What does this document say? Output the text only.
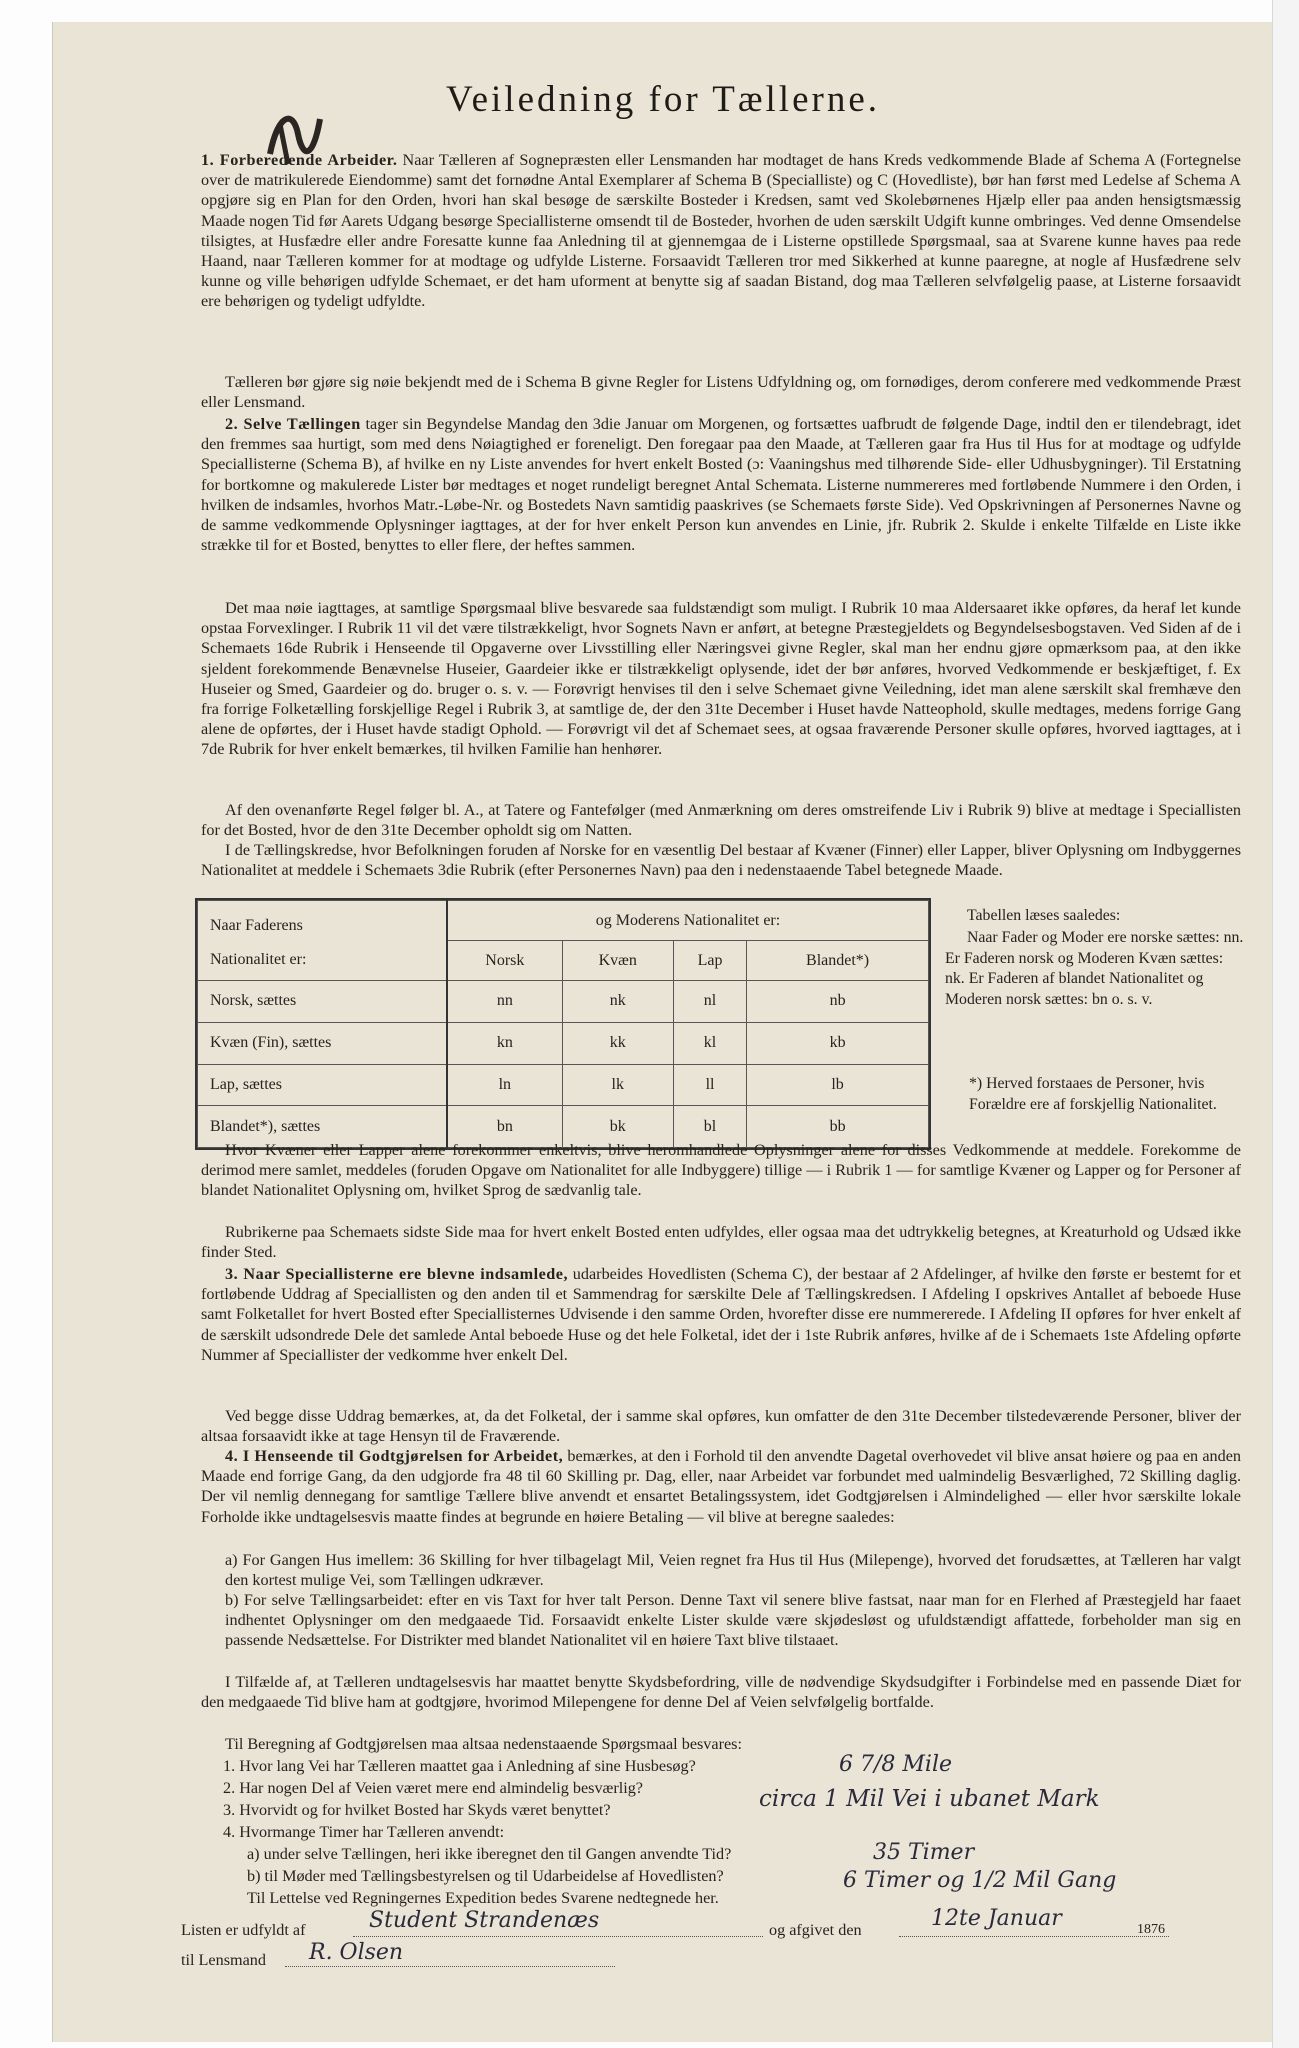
Veiledning for Tællerne.

1. Forberedende Arbeider. Naar Tælleren af Sognepræsten eller Lensmanden har modtaget de hans Kreds vedkommende Blade af Schema A (Fortegnelse over de matrikulerede Eiendomme) samt det fornødne Antal Exemplarer af Schema B (Specialliste) og C (Hovedliste), bør han først med Ledelse af Schema A opgjøre sig en Plan for den Orden, hvori han skal besøge de særskilte Bosteder i Kredsen, samt ved Skolebørnenes Hjælp eller paa anden hensigtsmæssig Maade nogen Tid før Aarets Udgang besørge Speciallisterne omsendt til de Bosteder, hvorhen de uden særskilt Udgift kunne ombringes. Ved denne Omsendelse tilsigtes, at Husfædre eller andre Foresatte kunne faa Anledning til at gjennemgaa de i Listerne opstillede Spørgsmaal, saa at Svarene kunne haves paa rede Haand, naar Tælleren kommer for at modtage og udfylde Listerne. Forsaavidt Tælleren tror med Sikkerhed at kunne paaregne, at nogle af Husfædrene selv kunne og ville behørigen udfylde Schemaet, er det ham uforment at benytte sig af saadan Bistand, dog maa Tælleren selvfølgelig paase, at Listerne forsaavidt ere behørigen og tydeligt udfyldte.

Tælleren bør gjøre sig nøie bekjendt med de i Schema B givne Regler for Listens Udfyldning og, om fornødiges, derom conferere med vedkommende Præst eller Lensmand.

2. Selve Tællingen tager sin Begyndelse Mandag den 3die Januar om Morgenen, og fortsættes uafbrudt de følgende Dage, indtil den er tilendebragt, idet den fremmes saa hurtigt, som med dens Nøiagtighed er foreneligt. Den foregaar paa den Maade, at Tælleren gaar fra Hus til Hus for at modtage og udfylde Speciallisterne (Schema B), af hvilke en ny Liste anvendes for hvert enkelt Bosted (ɔ: Vaaningshus med tilhørende Side- eller Udhusbygninger). Til Erstatning for bortkomne og makulerede Lister bør medtages et noget rundeligt beregnet Antal Schemata. Listerne nummereres med fortløbende Nummere i den Orden, i hvilken de indsamles, hvorhos Matr.-Løbe-Nr. og Bostedets Navn samtidig paaskrives (se Schemaets første Side). Ved Opskrivningen af Personernes Navne og de samme vedkommende Oplysninger iagttages, at der for hver enkelt Person kun anvendes en Linie, jfr. Rubrik 2. Skulde i enkelte Tilfælde en Liste ikke strække til for et Bosted, benyttes to eller flere, der heftes sammen.

Det maa nøie iagttages, at samtlige Spørgsmaal blive besvarede saa fuldstændigt som muligt. I Rubrik 10 maa Aldersaaret ikke opføres, da heraf let kunde opstaa Forvexlinger. I Rubrik 11 vil det være tilstrækkeligt, hvor Sognets Navn er anført, at betegne Præstegjeldets og Begyndelsesbogstaven. Ved Siden af de i Schemaets 16de Rubrik i Henseende til Opgaverne over Livsstilling eller Næringsvei givne Regler, skal man her endnu gjøre opmærksom paa, at den ikke sjeldent forekommende Benævnelse Huseier, Gaardeier ikke er tilstrækkeligt oplysende, idet der bør anføres, hvorved Vedkommende er beskjæftiget, f. Ex Huseier og Smed, Gaardeier og do. bruger o. s. v. — Forøvrigt henvises til den i selve Schemaet givne Veiledning, idet man alene særskilt skal fremhæve den fra forrige Folketælling forskjellige Regel i Rubrik 3, at samtlige de, der den 31te December i Huset havde Natteophold, skulle medtages, medens forrige Gang alene de opførtes, der i Huset havde stadigt Ophold. — Forøvrigt vil det af Schemaet sees, at ogsaa fraværende Personer skulle opføres, hvorved iagttages, at i 7de Rubrik for hver enkelt bemærkes, til hvilken Familie han henhører.

Af den ovenanførte Regel følger bl. A., at Tatere og Fantefølger (med Anmærkning om deres omstreifende Liv i Rubrik 9) blive at medtage i Speciallisten for det Bosted, hvor de den 31te December opholdt sig om Natten.

I de Tællingskredse, hvor Befolkningen foruden af Norske for en væsentlig Del bestaar af Kvæner (Finner) eller Lapper, bliver Oplysning om Indbyggernes Nationalitet at meddele i Schemaets 3die Rubrik (efter Personernes Navn) paa den i nedenstaaende Tabel betegnede Maade.

Naar Faderens
Nationalitet er:	og Moderens Nationalitet er:			
	Norsk	Kvæn	Lap	Blandet*)
Norsk, sættes	nn	nk	nl	nb
Kvæn (Fin), sættes	kn	kk	kl	kb
Lap, sættes	ln	lk	ll	lb
Blandet*), sættes	bn	bk	bl	bb

Tabellen læses saaledes:

Naar Fader og Moder ere norske sættes: nn. Er Faderen norsk og Moderen Kvæn sættes: nk. Er Faderen af blandet Nationalitet og Moderen norsk sættes: bn o. s. v.

*) Herved forstaaes de Personer, hvis Forældre ere af forskjellig Nationalitet.

Hvor Kvæner eller Lapper alene forekommer enkeltvis, blive heromhandlede Oplysninger alene for disses Vedkommende at meddele. Forekomme de derimod mere samlet, meddeles (foruden Opgave om Nationalitet for alle Indbyggere) tillige — i Rubrik 1 — for samtlige Kvæner og Lapper og for Personer af blandet Nationalitet Oplysning om, hvilket Sprog de sædvanlig tale.

Rubrikerne paa Schemaets sidste Side maa for hvert enkelt Bosted enten udfyldes, eller ogsaa maa det udtrykkelig betegnes, at Kreaturhold og Udsæd ikke finder Sted.

3. Naar Speciallisterne ere blevne indsamlede, udarbeides Hovedlisten (Schema C), der bestaar af 2 Afdelinger, af hvilke den første er bestemt for et fortløbende Uddrag af Speciallisten og den anden til et Sammendrag for særskilte Dele af Tællingskredsen. I Afdeling I opskrives Antallet af beboede Huse samt Folketallet for hvert Bosted efter Speciallisternes Udvisende i den samme Orden, hvorefter disse ere nummererede. I Afdeling II opføres for hver enkelt af de særskilt udsondrede Dele det samlede Antal beboede Huse og det hele Folketal, idet der i 1ste Rubrik anføres, hvilke af de i Schemaets 1ste Afdeling opførte Nummer af Speciallister der vedkomme hver enkelt Del.

Ved begge disse Uddrag bemærkes, at, da det Folketal, der i samme skal opføres, kun omfatter de den 31te December tilstedeværende Personer, bliver der altsaa forsaavidt ikke at tage Hensyn til de Fraværende.

4. I Henseende til Godtgjørelsen for Arbeidet, bemærkes, at den i Forhold til den anvendte Dagetal overhovedet vil blive ansat høiere og paa en anden Maade end forrige Gang, da den udgjorde fra 48 til 60 Skilling pr. Dag, eller, naar Arbeidet var forbundet med ualmindelig Besværlighed, 72 Skilling daglig. Der vil nemlig dennegang for samtlige Tællere blive anvendt et ensartet Betalingssystem, idet Godtgjørelsen i Almindelighed — eller hvor særskilte lokale Forholde ikke undtagelsesvis maatte findes at begrunde en høiere Betaling — vil blive at beregne saaledes:

a) For Gangen Hus imellem: 36 Skilling for hver tilbagelagt Mil, Veien regnet fra Hus til Hus (Milepenge), hvorved det forudsættes, at Tælleren har valgt den kortest mulige Vei, som Tællingen udkræver.

b) For selve Tællingsarbeidet: efter en vis Taxt for hver talt Person. Denne Taxt vil senere blive fastsat, naar man for en Flerhed af Præstegjeld har faaet indhentet Oplysninger om den medgaaede Tid. Forsaavidt enkelte Lister skulde være skjødesløst og ufuldstændigt affattede, forbeholder man sig en passende Nedsættelse. For Distrikter med blandet Nationalitet vil en høiere Taxt blive tilstaaet.

I Tilfælde af, at Tælleren undtagelsesvis har maattet benytte Skydsbefordring, ville de nødvendige Skydsudgifter i Forbindelse med en passende Diæt for den medgaaede Tid blive ham at godtgjøre, hvorimod Milepengene for denne Del af Veien selvfølgelig bortfalde.

Til Beregning af Godtgjørelsen maa altsaa nedenstaaende Spørgsmaal besvares:

1. Hvor lang Vei har Tælleren maattet gaa i Anledning af sine Husbesøg?

2. Har nogen Del af Veien været mere end almindelig besværlig?

3. Hvorvidt og for hvilket Bosted har Skyds været benyttet?

4. Hvormange Timer har Tælleren anvendt:

a) under selve Tællingen, heri ikke iberegnet den til Gangen anvendte Tid?

b) til Møder med Tællingsbestyrelsen og til Udarbeidelse af Hovedlisten?

Til Lettelse ved Regningernes Expedition bedes Svarene nedtegnede her.

6 7/8 Mile
circa 1 Mil Vei i ubanet Mark
35 Timer
6 Timer og 1/2 Mil Gang

Listen er udfyldt af	Student Strandenæs	og afgivet den	12te Januar	1876

til Lensmand	R. Olsen
